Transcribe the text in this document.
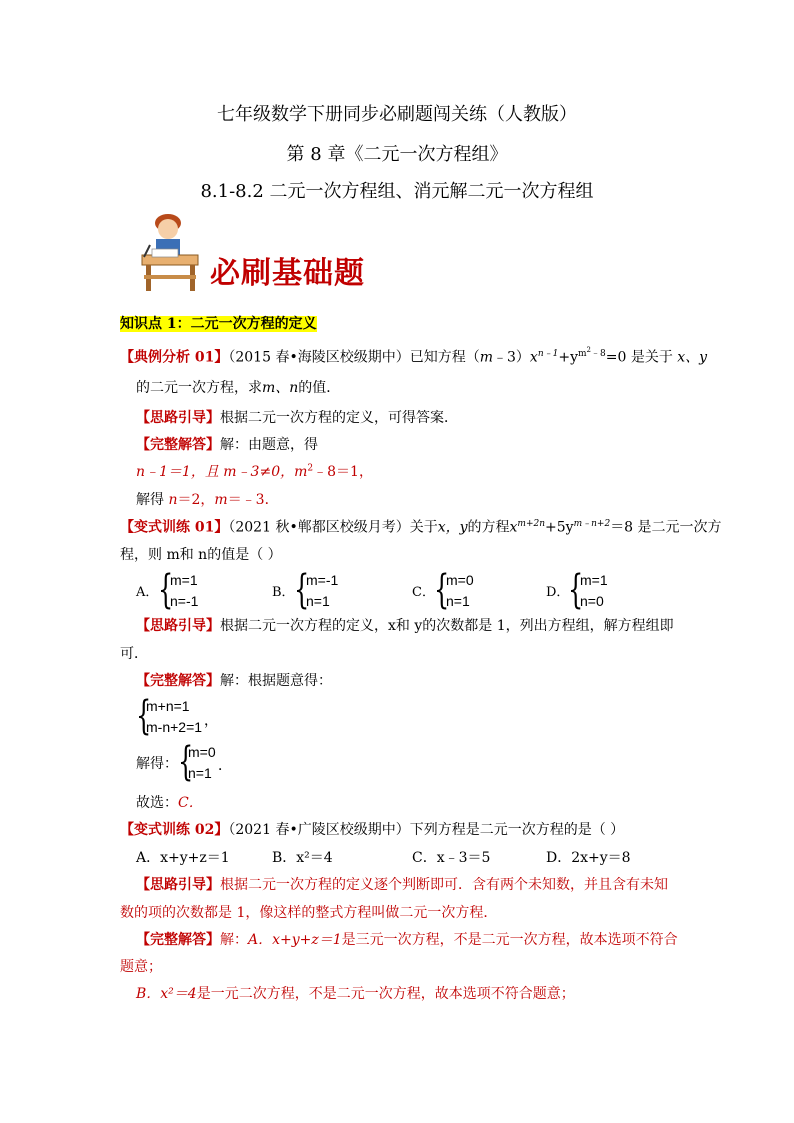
七年级数学下册同步必刷题闯关练（人教版）
第 8 章《二元一次方程组》
8.1-8.2 二元一次方程组、消元解二元一次方程组
必刷基础题
知识点 1：二元一次方程的定义
【典例分析 01】（2015 春•海陵区校级期中）已知方程$(m﹣3)x^{n﹣1}+y^{m^2﹣8}=0$ 是关于 x、y
的二元一次方程，求m、n的值．
【思路引导】根据二元一次方程的定义，可得答案．
【完整解答】解：由题意，得
n﹣1＝1，且 m﹣3≠0，$m^2﹣8=1$，
解得 n＝2，m＝﹣3．
【变式训练 01】（2021 秋•郸都区校级月考）关于x，y的方程$x^{m+2n}+5y^{m﹣n+2}=8$ 是二元一次方
程，则 m和 n的值是（ ）
A． {
m=1
n=-1
B． {
m=-1
n=1
C． {
m=0
n=1
D．
{
m=1
n=0
【思路引导】根据二元一次方程的定义，x和 y的次数都是 1，列出方程组，解方程组即
可．
【完整解答】解：根据题意得：
{
m+n=1
m-n+2=1 ，
解得： {
m=0
n=1 ．
故选：C．
【变式训练 02】（2021 春•广陵区校级期中）下列方程是二元一次方程的是（ ）
A．x+y+z＝1	B．x²＝4	C．x﹣3＝5	D．2x+y＝8
【思路引导】根据二元一次方程的定义逐个判断即可．含有两个未知数，并且含有未知
数的项的次数都是 1，像这样的整式方程叫做二元一次方程．
【完整解答】解：A．x+y+z＝1是三元一次方程，不是二元一次方程，故本选项不符合
题意；
B．x²＝4是一元二次方程，不是二元一次方程，故本选项不符合题意；
